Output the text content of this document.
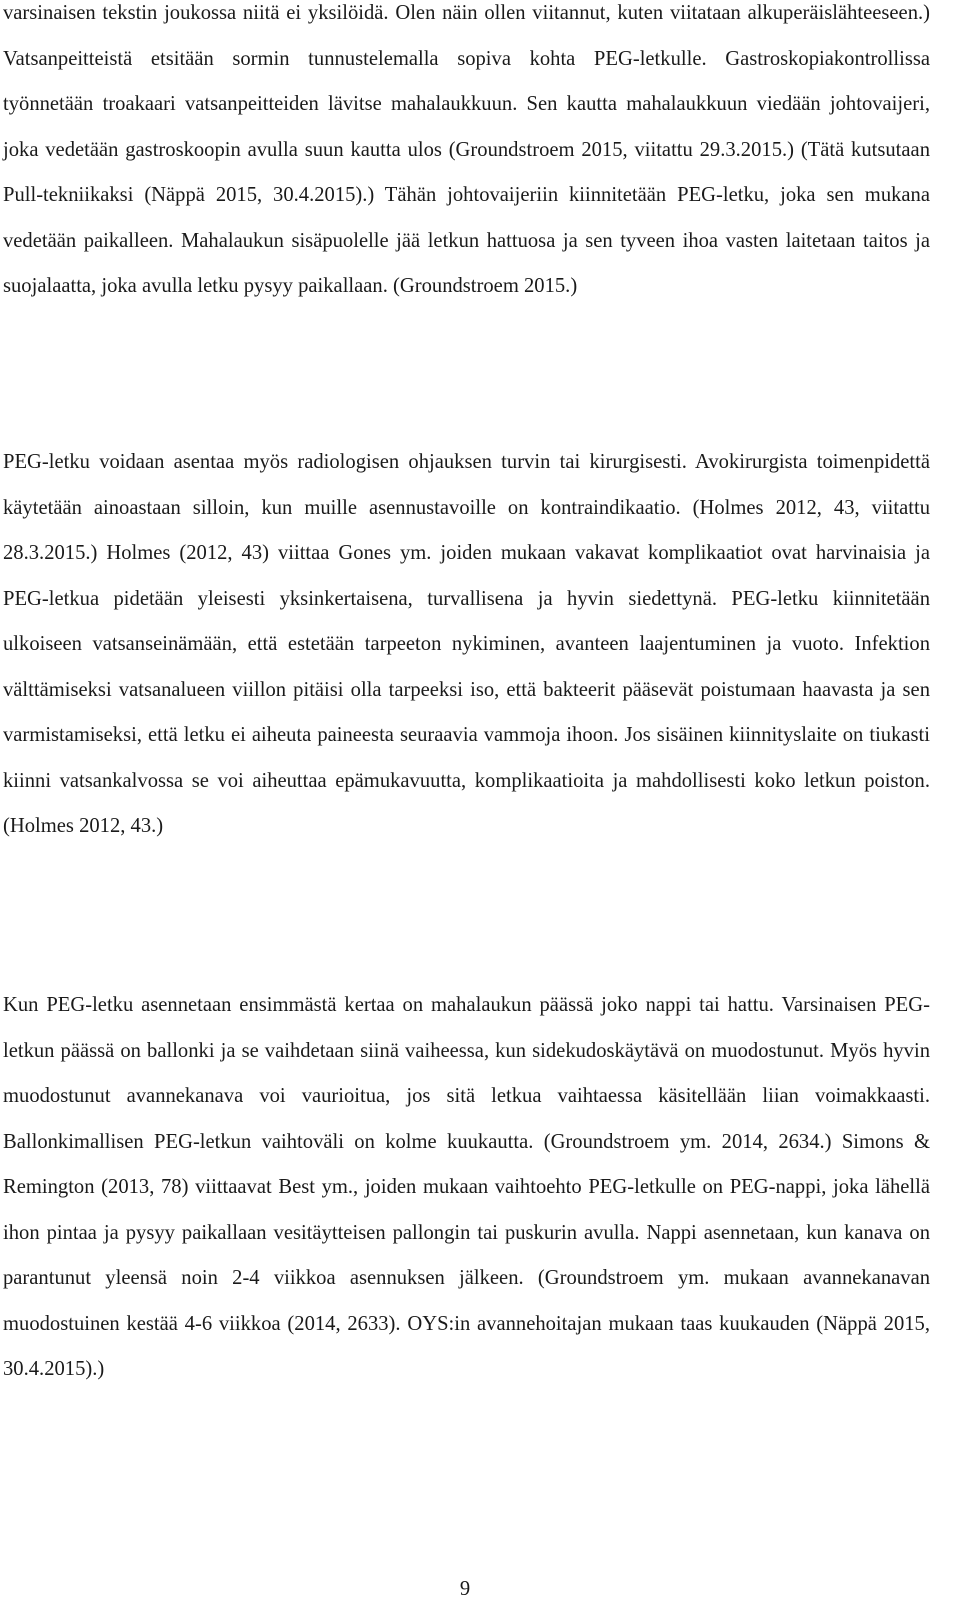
varsinaisen tekstin joukossa niitä ei yksilöidä. Olen näin ollen viitannut, kuten viitataan alkuperäislähteeseen.) Vatsanpeitteistä etsitään sormin tunnustelemalla sopiva kohta PEG-letkulle. Gastroskopiakontrollissa työnnetään troakaari vatsanpeitteiden lävitse mahalaukkuun. Sen kautta mahalaukkuun viedään johtovaijeri, joka vedetään gastroskoopin avulla suun kautta ulos (Groundstroem 2015, viitattu 29.3.2015.) (Tätä kutsutaan Pull-tekniikaksi (Näppä 2015, 30.4.2015).) Tähän johtovaijeriin kiinnitetään PEG-letku, joka sen mukana vedetään paikalleen. Mahalaukun sisäpuolelle jää letkun hattuosa ja sen tyveen ihoa vasten laitetaan taitos ja suojalaatta, joka avulla letku pysyy paikallaan. (Groundstroem 2015.)

PEG-letku voidaan asentaa myös radiologisen ohjauksen turvin tai kirurgisesti. Avokirurgista toimenpidettä käytetään ainoastaan silloin, kun muille asennustavoille on kontraindikaatio. (Holmes 2012, 43, viitattu 28.3.2015.) Holmes (2012, 43) viittaa Gones ym. joiden mukaan vakavat komplikaatiot ovat harvinaisia ja PEG-letkua pidetään yleisesti yksinkertaisena, turvallisena ja hyvin siedettynä. PEG-letku kiinnitetään ulkoiseen vatsanseinämään, että estetään tarpeeton nykiminen, avanteen laajentuminen ja vuoto. Infektion välttämiseksi vatsanalueen viillon pitäisi olla tarpeeksi iso, että bakteerit pääsevät poistumaan haavasta ja sen varmistamiseksi, että letku ei aiheuta paineesta seuraavia vammoja ihoon. Jos sisäinen kiinnityslaite on tiukasti kiinni vatsankalvossa se voi aiheuttaa epämukavuutta, komplikaatioita ja mahdollisesti koko letkun poiston. (Holmes 2012, 43.)

Kun PEG-letku asennetaan ensimmästä kertaa on mahalaukun päässä joko nappi tai hattu. Varsinaisen PEG-letkun päässä on ballonki ja se vaihdetaan siinä vaiheessa, kun sidekudoskäytävä on muodostunut. Myös hyvin muodostunut avannekanava voi vaurioitua, jos sitä letkua vaihtaessa käsitellään liian voimakkaasti. Ballonkimallisen PEG-letkun vaihtoväli on kolme kuukautta. (Groundstroem ym. 2014, 2634.) Simons & Remington (2013, 78) viittaavat Best ym., joiden mukaan vaihtoehto PEG-letkulle on PEG-nappi, joka lähellä ihon pintaa ja pysyy paikallaan vesitäytteisen pallongin tai puskurin avulla. Nappi asennetaan, kun kanava on parantunut yleensä noin 2-4 viikkoa asennuksen jälkeen. (Groundstroem ym. mukaan avannekanavan muodostuinen kestää 4-6 viikkoa (2014, 2633). OYS:in avannehoitajan mukaan taas kuukauden (Näppä 2015, 30.4.2015).)

9
